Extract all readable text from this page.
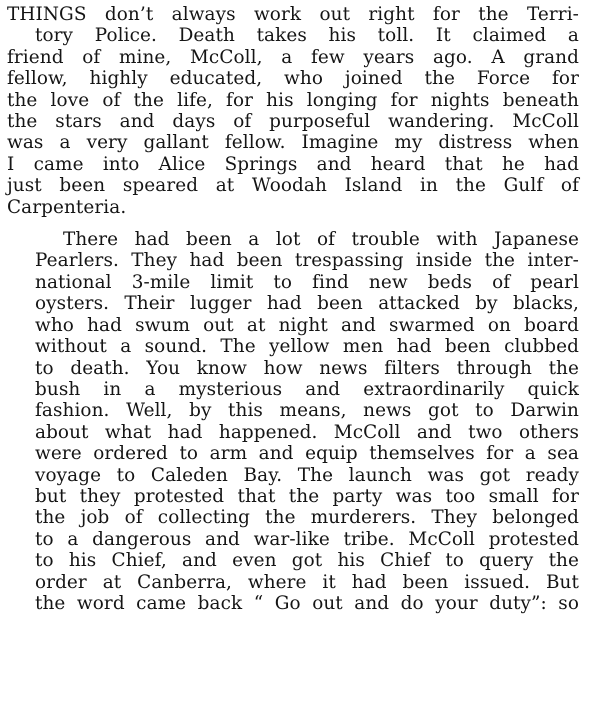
THINGS don’t always work out right for the Terri-
tory Police. Death takes his toll. It claimed a
friend of mine, McColl, a few years ago. A grand
fellow, highly educated, who joined the Force for
the love of the life, for his longing for nights beneath
the stars and days of purposeful wandering. McColl
was a very gallant fellow. Imagine my distress when
I came into Alice Springs and heard that he had
just been speared at Woodah Island in the Gulf of
Carpenteria.
There had been a lot of trouble with Japanese
Pearlers. They had been trespassing inside the inter-
national 3-mile limit to find new beds of pearl
oysters. Their lugger had been attacked by blacks,
who had swum out at night and swarmed on board
without a sound. The yellow men had been clubbed
to death. You know how news filters through the
bush in a mysterious and extraordinarily quick
fashion. Well, by this means, news got to Darwin
about what had happened. McColl and two others
were ordered to arm and equip themselves for a sea
voyage to Caleden Bay. The launch was got ready
but they protested that the party was too small for
the job of collecting the murderers. They belonged
to a dangerous and war-like tribe. McColl protested
to his Chief, and even got his Chief to query the
order at Canberra, where it had been issued. But
the word came back “ Go out and do your duty”: so
